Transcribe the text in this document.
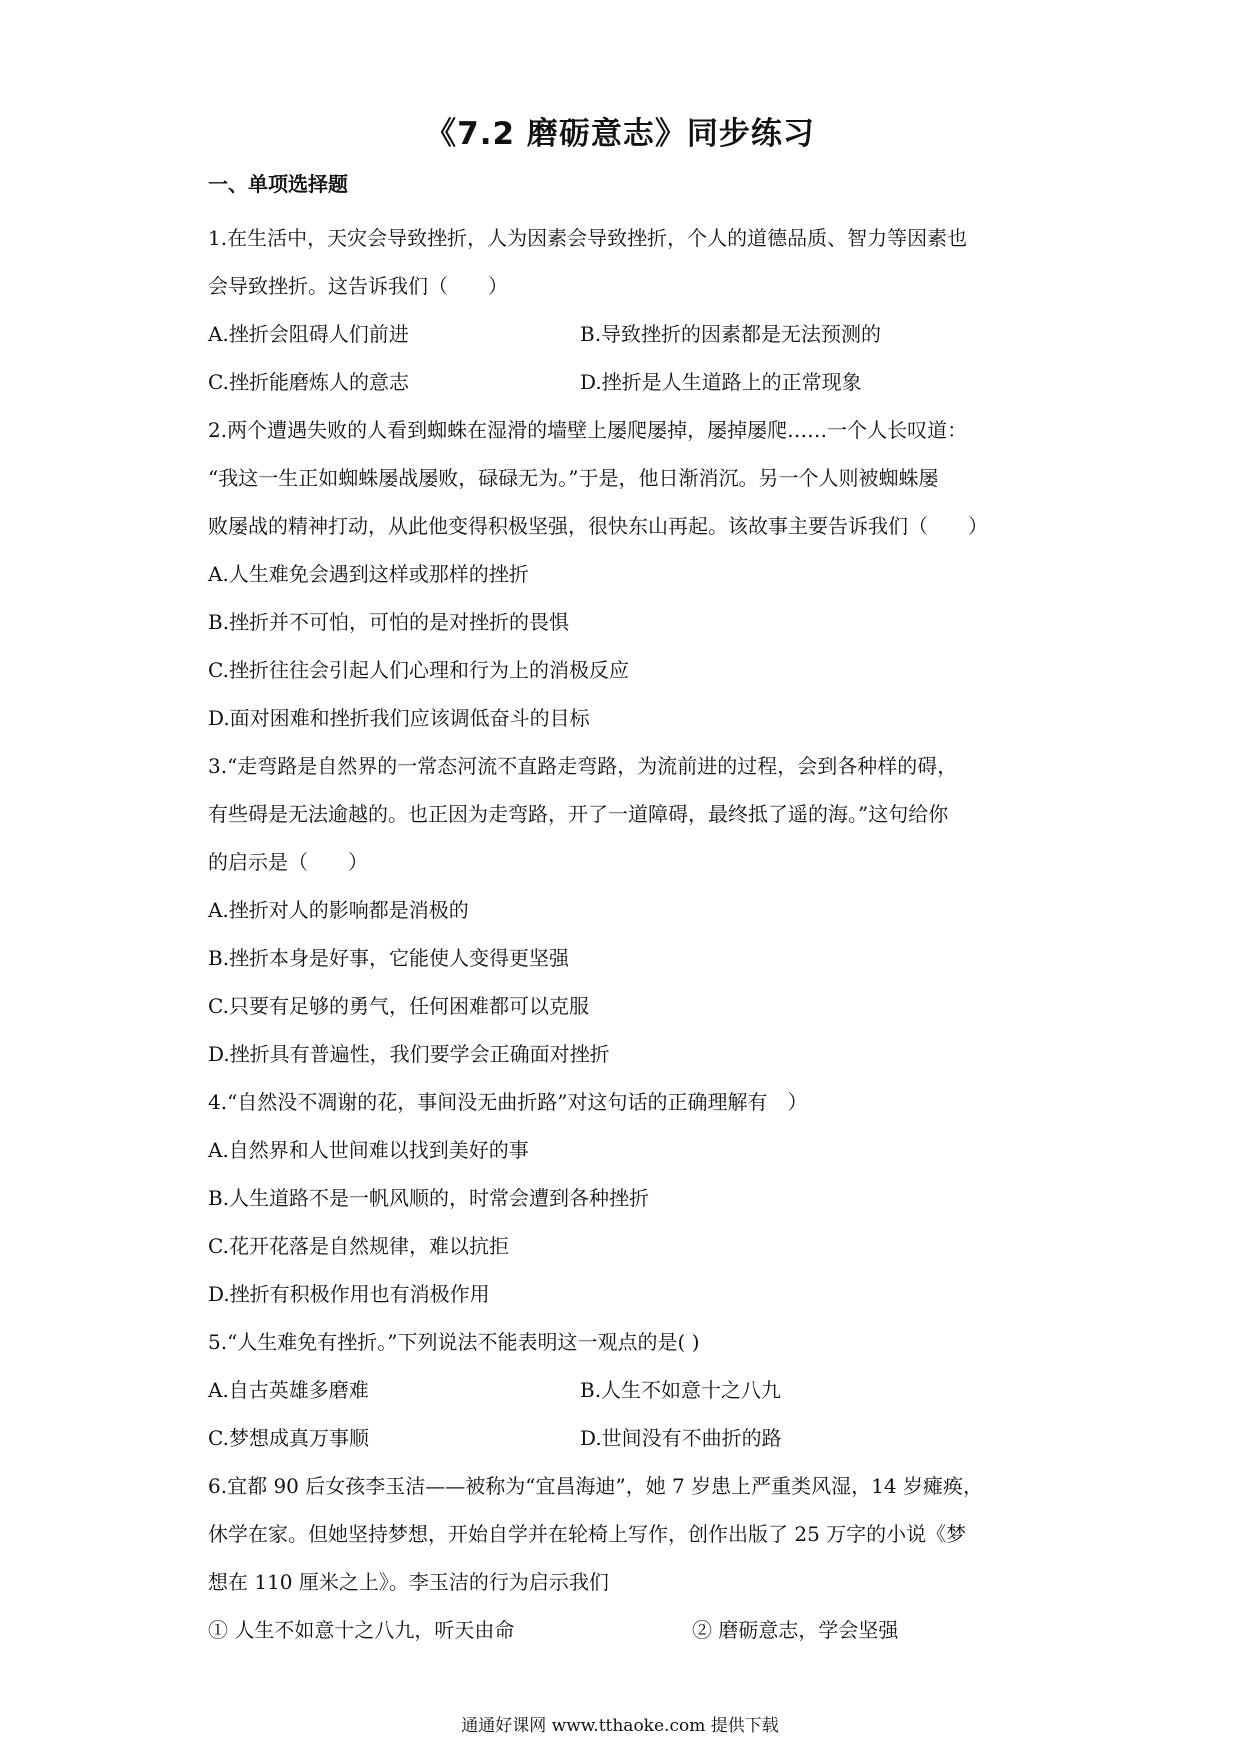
《7.2 磨砺意志》同步练习
一、单项选择题
1.在生活中，天灾会导致挫折，人为因素会导致挫折，个人的道德品质、智力等因素也
会导致挫折。这告诉我们（　　）
A.挫折会阻碍人们前进	B.导致挫折的因素都是无法预测的
C.挫折能磨炼人的意志	D.挫折是人生道路上的正常现象
2.两个遭遇失败的人看到蜘蛛在湿滑的墙壁上屡爬屡掉，屡掉屡爬……一个人长叹道：
“我这一生正如蜘蛛屡战屡败，碌碌无为。”于是，他日渐消沉。另一个人则被蜘蛛屡
败屡战的精神打动，从此他变得积极坚强，很快东山再起。该故事主要告诉我们（　　）
A.人生难免会遇到这样或那样的挫折
B.挫折并不可怕，可怕的是对挫折的畏惧
C.挫折往往会引起人们心理和行为上的消极反应
D.面对困难和挫折我们应该调低奋斗的目标
3.“走弯路是自然界的一常态河流不直路走弯路，为流前进的过程，会到各种样的碍，
有些碍是无法逾越的。也正因为走弯路，开了一道障碍，最终抵了遥的海。”这句给你
的启示是（　　）
A.挫折对人的影响都是消极的
B.挫折本身是好事，它能使人变得更坚强
C.只要有足够的勇气，任何困难都可以克服
D.挫折具有普遍性，我们要学会正确面对挫折
4.“自然没不凋谢的花，事间没无曲折路”对这句话的正确理解有　）
A.自然界和人世间难以找到美好的事
B.人生道路不是一帆风顺的，时常会遭到各种挫折
C.花开花落是自然规律，难以抗拒
D.挫折有积极作用也有消极作用
5.“人生难免有挫折。”下列说法不能表明这一观点的是( )
A.自古英雄多磨难	B.人生不如意十之八九
C.梦想成真万事顺	D.世间没有不曲折的路
6.宜都 90 后女孩李玉洁——被称为“宜昌海迪”，她 7 岁患上严重类风湿，14 岁瘫痪，
休学在家。但她坚持梦想，开始自学并在轮椅上写作，创作出版了 25 万字的小说《梦
想在 110 厘米之上》。李玉洁的行为启示我们
① 人生不如意十之八九，听天由命	② 磨砺意志，学会坚强
通通好课网 www.tthaoke.com 提供下载
